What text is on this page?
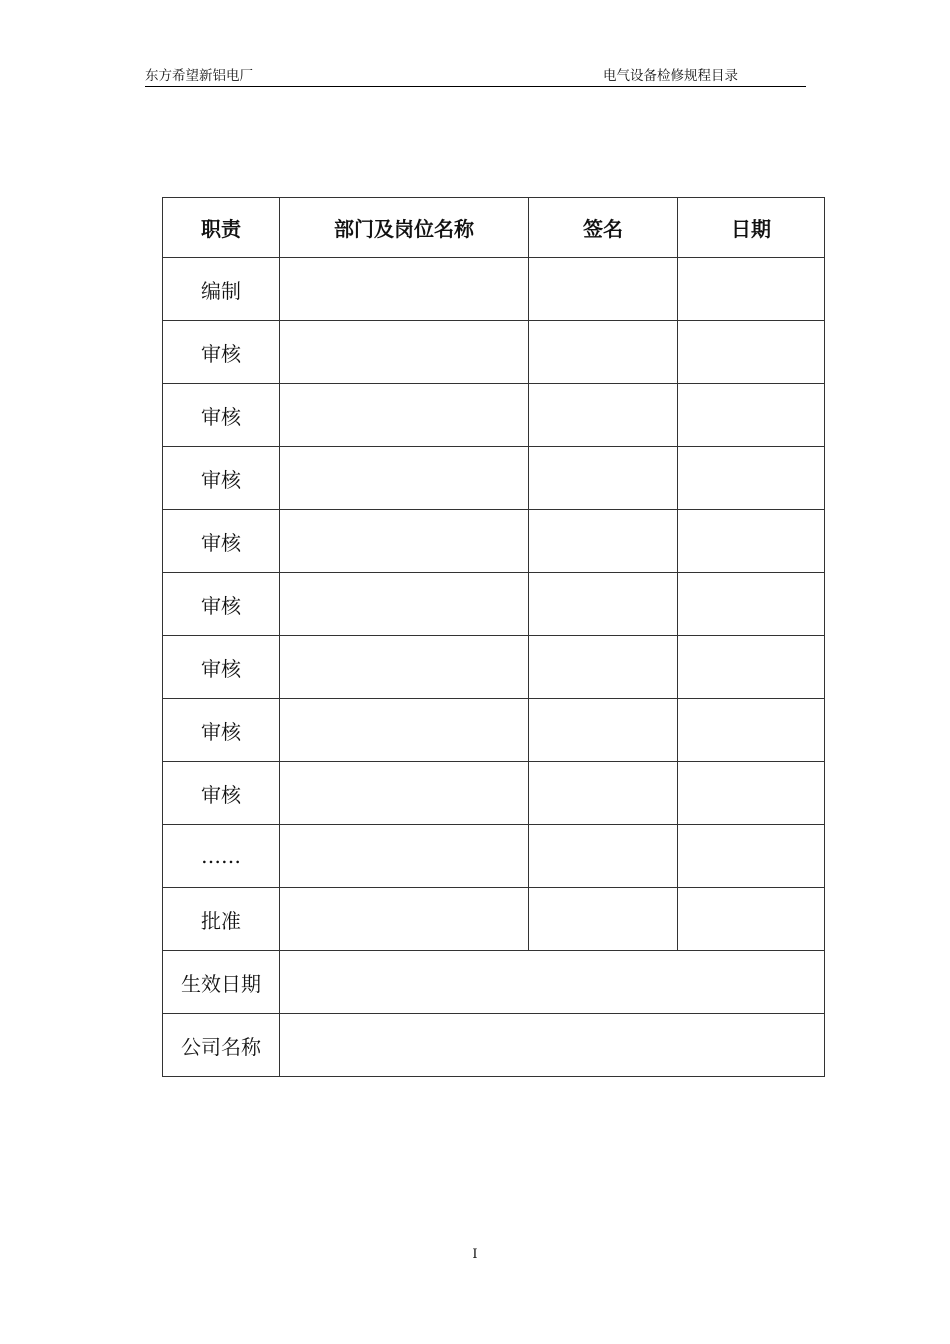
东方希望新铝电厂	电气设备检修规程目录
职责	部门及岗位名称	签名	日期
编制			
审核			
审核			
审核			
审核			
审核			
审核			
审核			
审核			
……			
批准			
生效日期			
公司名称			
I
